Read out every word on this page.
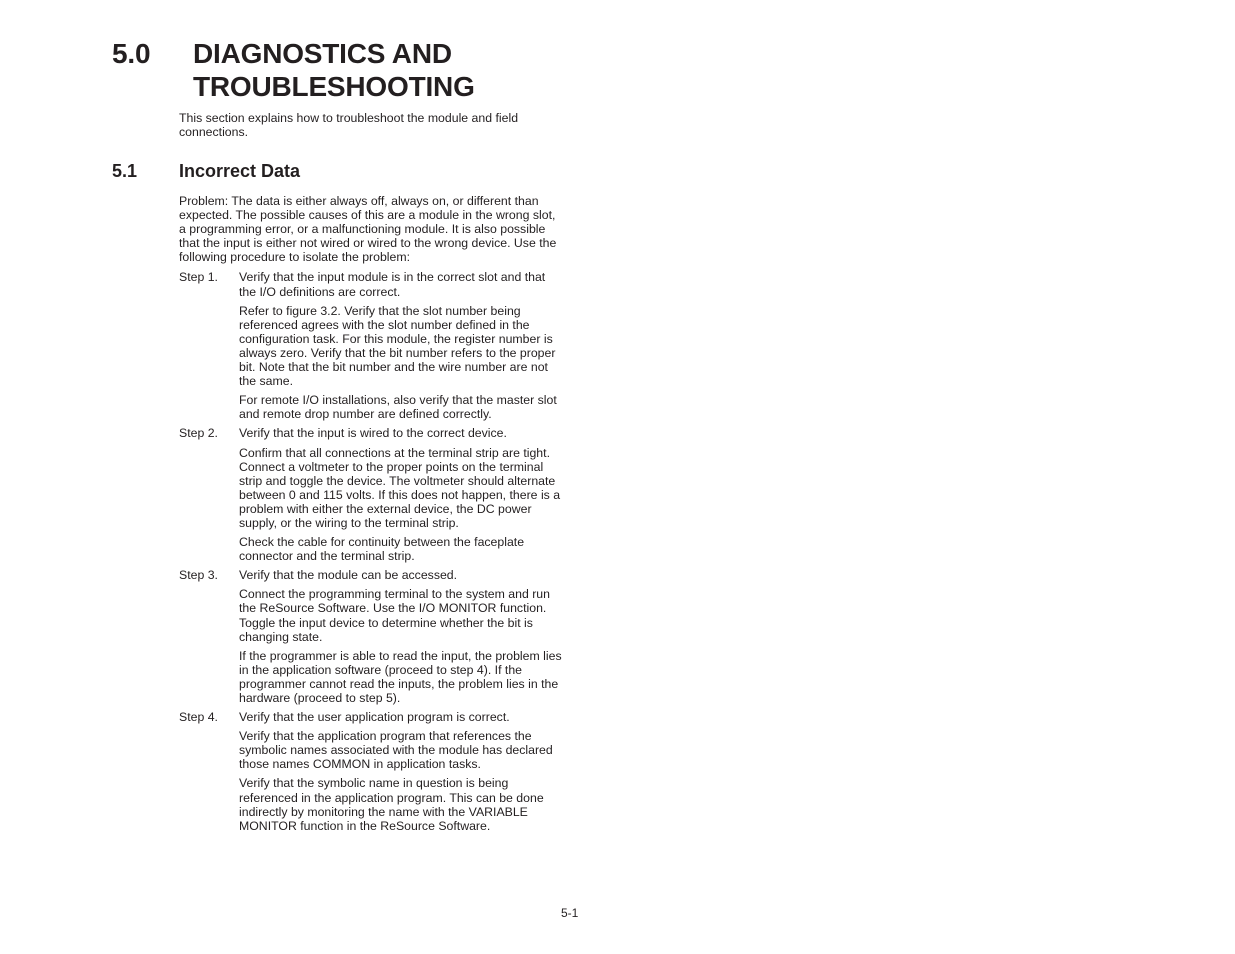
5.0 DIAGNOSTICS AND
TROUBLESHOOTING
This section explains how to troubleshoot the module and field connections.
5.1 Incorrect Data

Problem: The data is either always off, always on, or different than expected. The possible causes of this are a module in the wrong slot, a programming error, or a malfunctioning module. It is also possible that the input is either not wired or wired to the wrong device. Use the following procedure to isolate the problem:

Step 1.	Verify that the input module is in the correct slot and that the I/O definitions are correct.

Refer to figure 3.2. Verify that the slot number being referenced agrees with the slot number defined in the configuration task. For this module, the register number is always zero. Verify that the bit number refers to the proper bit. Note that the bit number and the wire number are not the same.

For remote I/O installations, also verify that the master slot and remote drop number are defined correctly.

Step 2.	Verify that the input is wired to the correct device.

Confirm that all connections at the terminal strip are tight. Connect a voltmeter to the proper points on the terminal strip and toggle the device. The voltmeter should alternate between 0 and 115 volts. If this does not happen, there is a problem with either the external device, the DC power supply, or the wiring to the terminal strip.

Check the cable for continuity between the faceplate connector and the terminal strip.

Step 3.	Verify that the module can be accessed.

Connect the programming terminal to the system and run the ReSource Software. Use the I/O MONITOR function. Toggle the input device to determine whether the bit is changing state.

If the programmer is able to read the input, the problem lies in the application software (proceed to step 4). If the programmer cannot read the inputs, the problem lies in the hardware (proceed to step 5).

Step 4.	Verify that the user application program is correct.

Verify that the application program that references the symbolic names associated with the module has declared those names COMMON in application tasks.

Verify that the symbolic name in question is being referenced in the application program. This can be done indirectly by monitoring the name with the VARIABLE MONITOR function in the ReSource Software.

5-1
